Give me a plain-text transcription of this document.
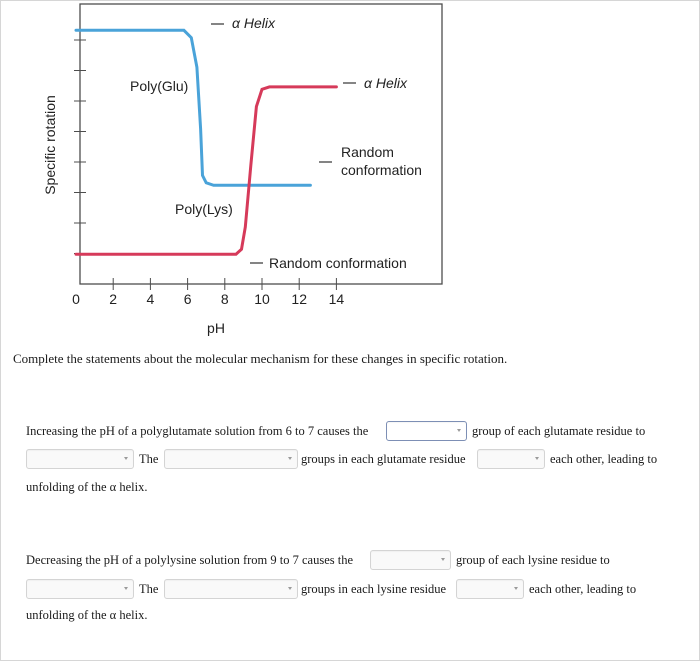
0 2 4 6 8 10 12 14
Specific rotation
pH
Poly(Glu)
Poly(Lys)
α Helix
α Helix
Random
conformation
Random conformation
Complete the statements about the molecular mechanism for these changes in specific rotation.
Increasing the pH of a polyglutamate solution from 6 to 7 causes the	group of each glutamate residue to
The	groups in each glutamate residue	each other, leading to
unfolding of the α helix.
Decreasing the pH of a polylysine solution from 9 to 7 causes the	group of each lysine residue to
The	groups in each lysine residue	each other, leading to
unfolding of the α helix.
